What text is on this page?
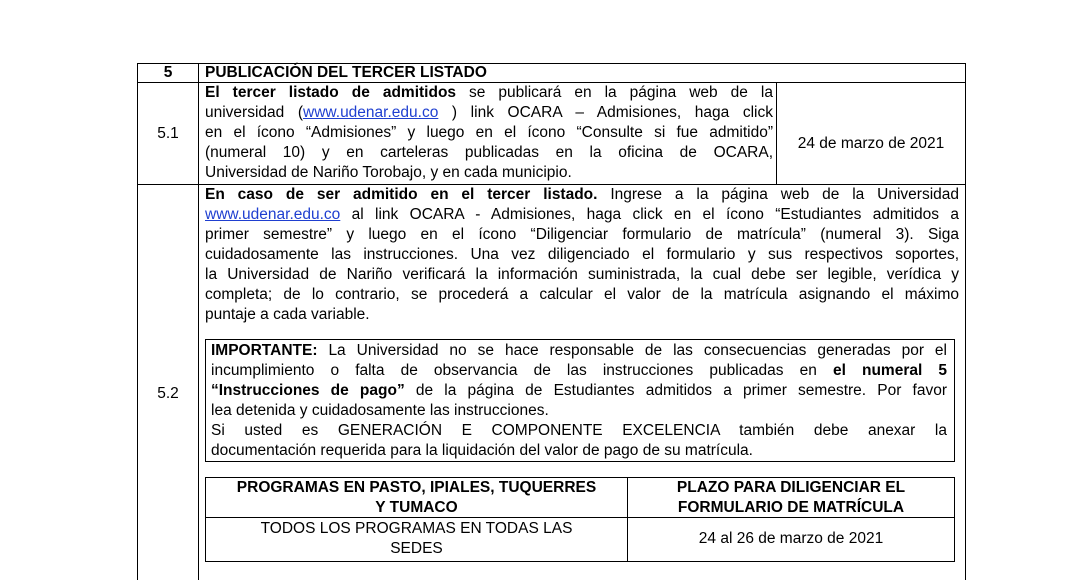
5	PUBLICACIÓN DEL TERCER LISTADO
5.1
El tercer listado de admitidos se publicará en la página web de la
universidad (www.udenar.edu.co ) link OCARA – Admisiones, haga click
en el ícono “Admisiones” y luego en el ícono “Consulte si fue admitido”
(numeral 10) y en carteleras publicadas en la oficina de OCARA,
Universidad de Nariño Torobajo, y en cada municipio.
24 de marzo de 2021
5.2
En caso de ser admitido en el tercer listado. Ingrese a la página web de la Universidad
www.udenar.edu.co al link OCARA - Admisiones, haga click en el ícono “Estudiantes admitidos a
primer semestre” y luego en el ícono “Diligenciar formulario de matrícula” (numeral 3). Siga
cuidadosamente las instrucciones. Una vez diligenciado el formulario y sus respectivos soportes,
la Universidad de Nariño verificará la información suministrada, la cual debe ser legible, verídica y
completa; de lo contrario, se procederá a calcular el valor de la matrícula asignando el máximo
puntaje a cada variable.
IMPORTANTE: La Universidad no se hace responsable de las consecuencias generadas por el
incumplimiento o falta de observancia de las instrucciones publicadas en el numeral 5
“Instrucciones de pago” de la página de Estudiantes admitidos a primer semestre. Por favor
lea detenida y cuidadosamente las instrucciones.
Si usted es GENERACIÓN E COMPONENTE EXCELENCIA también debe anexar la
documentación requerida para la liquidación del valor de pago de su matrícula.
PROGRAMAS EN PASTO, IPIALES, TUQUERRES
Y TUMACO
PLAZO PARA DILIGENCIAR EL
FORMULARIO DE MATRÍCULA
TODOS LOS PROGRAMAS EN TODAS LAS
SEDES
24 al 26 de marzo de 2021
